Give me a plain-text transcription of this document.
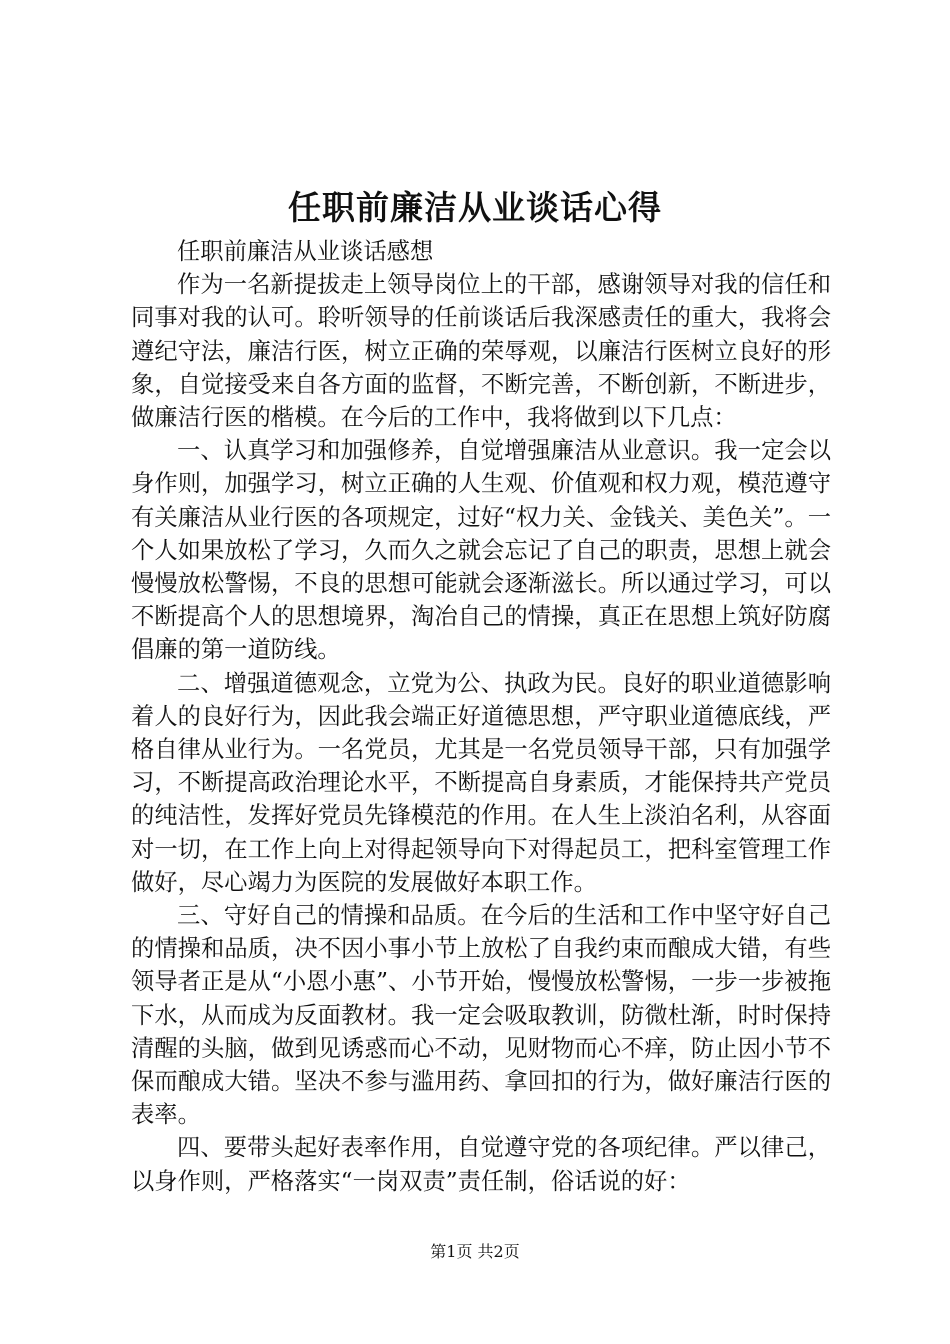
任职前廉洁从业谈话心得

任职前廉洁从业谈话感想

作为一名新提拔走上领导岗位上的干部，感谢领导对我的信任和同事对我的认可。聆听领导的任前谈话后我深感责任的重大，我将会遵纪守法，廉洁行医，树立正确的荣辱观，以廉洁行医树立良好的形象，自觉接受来自各方面的监督，不断完善，不断创新，不断进步，做廉洁行医的楷模。在今后的工作中，我将做到以下几点：

一、认真学习和加强修养，自觉增强廉洁从业意识。我一定会以身作则，加强学习，树立正确的人生观、价值观和权力观，模范遵守有关廉洁从业行医的各项规定，过好“权力关、金钱关、美色关”。一个人如果放松了学习，久而久之就会忘记了自己的职责，思想上就会慢慢放松警惕，不良的思想可能就会逐渐滋长。所以通过学习，可以不断提高个人的思想境界，淘冶自己的情操，真正在思想上筑好防腐倡廉的第一道防线。

二、增强道德观念，立党为公、执政为民。良好的职业道德影响着人的良好行为，因此我会端正好道德思想，严守职业道德底线，严格自律从业行为。一名党员，尤其是一名党员领导干部，只有加强学习，不断提高政治理论水平，不断提高自身素质，才能保持共产党员的纯洁性，发挥好党员先锋模范的作用。在人生上淡泊名利，从容面对一切，在工作上向上对得起领导向下对得起员工，把科室管理工作做好，尽心竭力为医院的发展做好本职工作。

三、守好自己的情操和品质。在今后的生活和工作中坚守好自己的情操和品质，决不因小事小节上放松了自我约束而酿成大错，有些领导者正是从“小恩小惠”、小节开始，慢慢放松警惕，一步一步被拖下水，从而成为反面教材。我一定会吸取教训，防微杜渐，时时保持清醒的头脑，做到见诱惑而心不动，见财物而心不痒，防止因小节不保而酿成大错。坚决不参与滥用药、拿回扣的行为，做好廉洁行医的表率。

四、要带头起好表率作用，自觉遵守党的各项纪律。严以律己，以身作则，严格落实“一岗双责”责任制，俗话说的好：

第1页 共2页
